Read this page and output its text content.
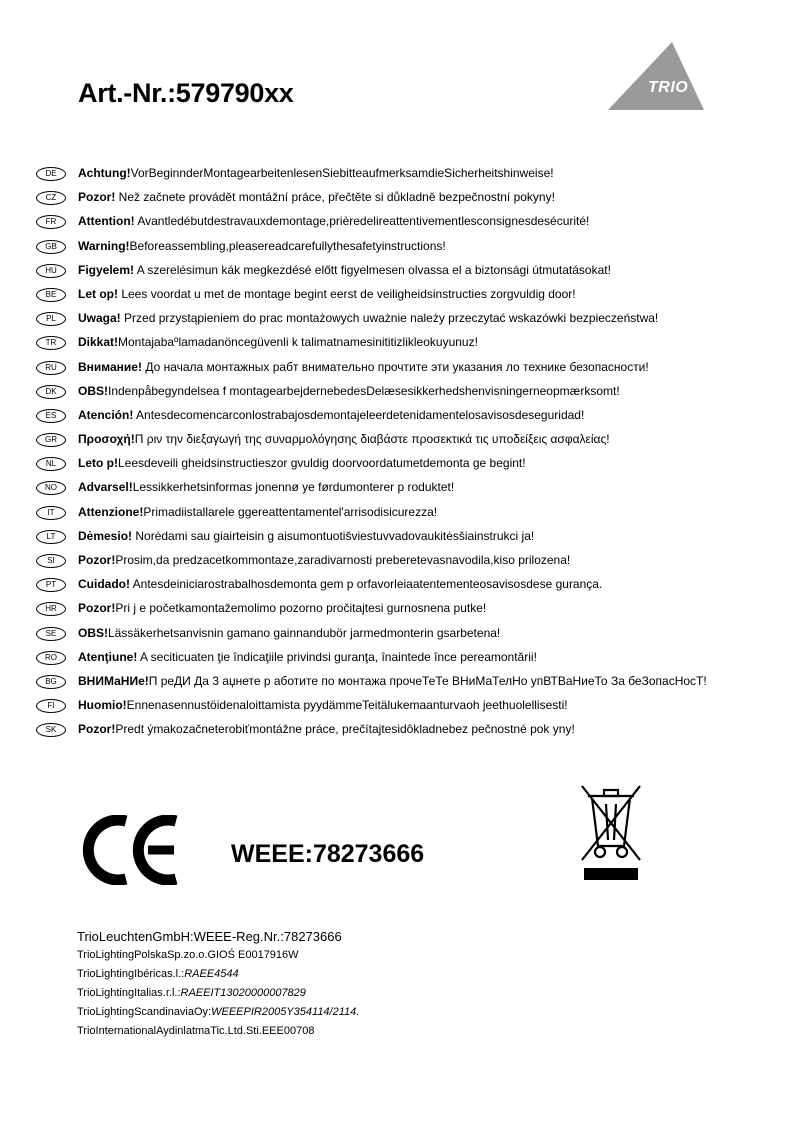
Art.-Nr.:579790xx	TRIO
DE	Achtung!VorBeginnderMontagearbeitenlesenSiebitteaufmerksamdieSicherheitshinweise!
CZ	Pozor! Než začnete provádět montážní práce, přečtěte si důkladně bezpečnostní pokyny!
FR	Attention! Avantledébutdestravauxdemontage,prièredelireattentivementlesconsignesdesécurité!
GB	Warning!Beforeassembling,pleasereadcarefullythesafetyinstructions!
HU	Figyelem! A szerelésimun kák megkezdésé előtt figyelmesen olvassa el a biztonsági útmutatásokat!
BE	Let op! Lees voordat u met de montage begint eerst de veiligheidsinstructies zorgvuldig door!
PL	Uwaga! Przed przystąpieniem do prac montażowych uważnie należy przeczytać wskazówki bezpieczeństwa!
TR	Dikkat!Montajabaºlamadanöncegüvenli k talimatnamesinititizlikleokuyunuz!
RU	Внимание! До начала монтажных рабт внимательно прочтите эти указания ло технике безопасности!
DK	OBS!Indenpåbegyndelsea f montagearbejdernebedesDelæsesikkerhedshenvisningerneopmærksomt!
ES	Atención! Antesdecomencarconlostrabajosdemontajeleerdetenidamentelosavisosdeseguridad!
GR	Προσοχή!Π ριν την διεξαγωγή της συναρμολόγησης διαβάστε προσεκτικά τις υποδείξεις ασφαλείας!
NL	Leto p!Leesdeveili gheidsinstructieszor gvuldig doorvoordatumetdemonta ge begint!
NO	Advarsel!Lessikkerhetsinformas jonennø ye førdumonterer p roduktet!
IT	Attenzione!Primadiistallarele ggereattentamentel'arrisodisicurezza!
LT	Dėmesio! Norėdami sau giairteisin g aisumontuotišviestuvvadovaukitėsšiainstrukci ja!
SI	Pozor!Prosim,da predzacetkommontaze,zaradivarnosti preberetevasnavodila,kiso prilozena!
PT	Cuidado! Antesdeiniciarostrabalhosdemonta gem p orfavorleiaatentementeosavisosdese gurança.
HR	Pozor!Pri j e početkamontažemolimo pozorno pročitajtesi gurnosnena putke!
SE	OBS!Lässäkerhetsanvisnin gamano gainnandubör jarmedmonterin gsarbetena!
RO	Atenţiune! A seciticuaten ţie îndicaţiile privindsi guranţa, înaintede înce pereamontării!
BG	ВНИМаНИе!П реДИ Да 3 аџнете р аботите по монтажа прочеТеТе ВНиМаТелНо упВТВаНиеТо За беЗопасНосТ!
FI	Huomio!Ennenasennustöidenaloittamista pyydämmeTeitälukemaanturvaoh jeethuolellisesti!
SK	Pozor!Predt ýmakozačneterobiťmontážne práce, prečítajtesidôkladnebez pečnostné pok yny!
WEEE:78273666
TrioLeuchtenGmbH:WEEE-Reg.Nr.:78273666
TrioLightingPolskaSp.zo.o.GIOŚ E0017916W
TrioLightingIbéricas.l.:RAEE4544
TrioLightingItalias.r.l.:RAEEIT13020000007829
TrioLightingScandinaviaOy:WEEEPIR2005Y354114/2114.
TrioInternationalAydinlatmaTic.Ltd.Sti.EEE00708
